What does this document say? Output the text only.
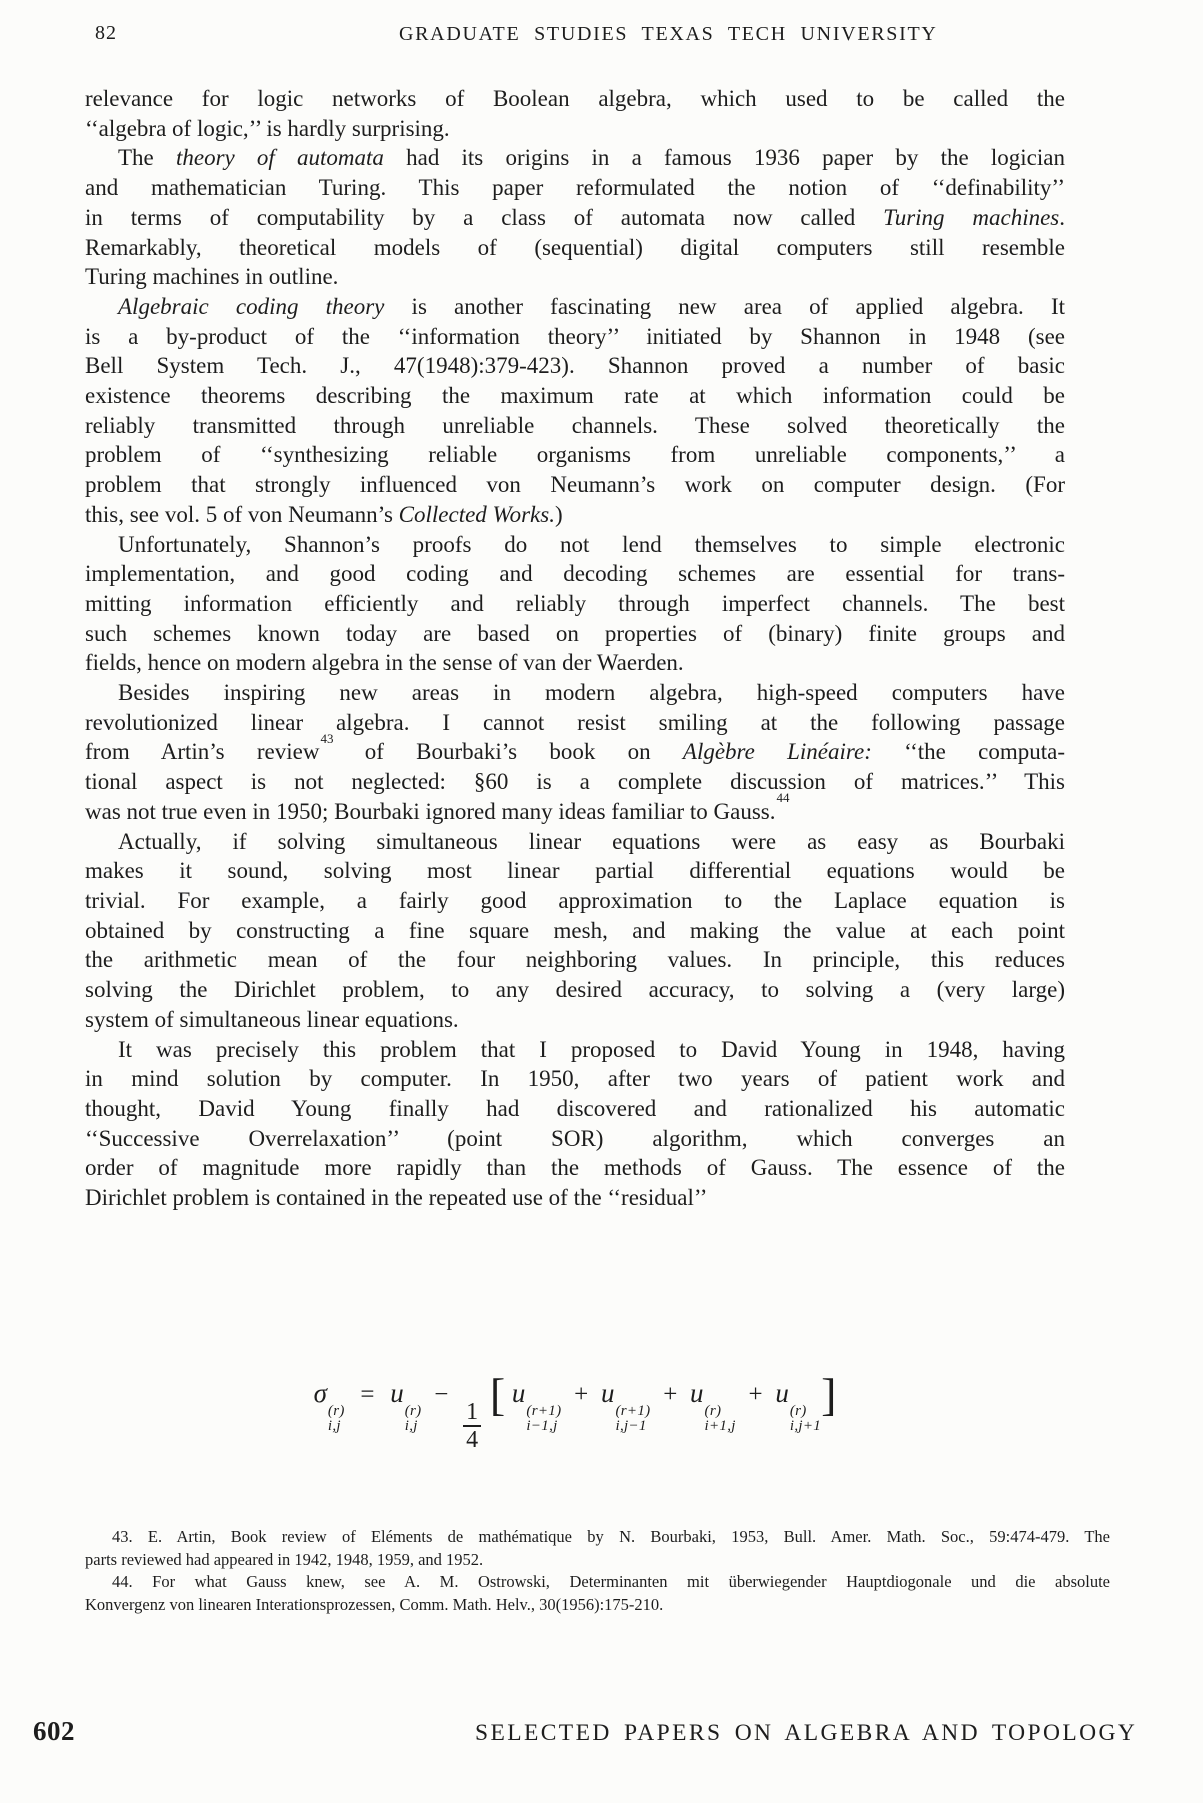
82	GRADUATE STUDIES TEXAS TECH UNIVERSITY
relevance for logic networks of Boolean algebra, which used to be called the
‘‘algebra of logic,’’ is hardly surprising.
The theory of automata had its origins in a famous 1936 paper by the logician
and mathematician Turing. This paper reformulated the notion of ‘‘definability’’
in terms of computability by a class of automata now called Turing machines.
Remarkably, theoretical models of (sequential) digital computers still resemble
Turing machines in outline.
Algebraic coding theory is another fascinating new area of applied algebra. It
is a by-product of the ‘‘information theory’’ initiated by Shannon in 1948 (see
Bell System Tech. J., 47(1948):379-423). Shannon proved a number of basic
existence theorems describing the maximum rate at which information could be
reliably transmitted through unreliable channels. These solved theoretically the
problem of ‘‘synthesizing reliable organisms from unreliable components,’’ a
problem that strongly influenced von Neumann’s work on computer design. (For
this, see vol. 5 of von Neumann’s Collected Works.)
Unfortunately, Shannon’s proofs do not lend themselves to simple electronic
implementation, and good coding and decoding schemes are essential for trans-
mitting information efficiently and reliably through imperfect channels. The best
such schemes known today are based on properties of (binary) finite groups and
fields, hence on modern algebra in the sense of van der Waerden.
Besides inspiring new areas in modern algebra, high-speed computers have
revolutionized linear algebra. I cannot resist smiling at the following passage
from Artin’s review$^{43}$ of Bourbaki’s book on Algèbre Linéaire: ‘‘the computa-
tional aspect is not neglected: §60 is a complete discussion of matrices.’’ This
was not true even in 1950; Bourbaki ignored many ideas familiar to Gauss.$^{44}$
Actually, if solving simultaneous linear equations were as easy as Bourbaki
makes it sound, solving most linear partial differential equations would be
trivial. For example, a fairly good approximation to the Laplace equation is
obtained by constructing a fine square mesh, and making the value at each point
the arithmetic mean of the four neighboring values. In principle, this reduces
solving the Dirichlet problem, to any desired accuracy, to solving a (very large)
system of simultaneous linear equations.
It was precisely this problem that I proposed to David Young in 1948, having
in mind solution by computer. In 1950, after two years of patient work and
thought, David Young finally had discovered and rationalized his automatic
‘‘Successive Overrelaxation’’ (point SOR) algorithm, which converges an
order of magnitude more rapidly than the methods of Gauss. The essence of the
Dirichlet problem is contained in the repeated use of the ‘‘residual’’
σ
(r)
i,j
= u
(r)
i,j
−
$\frac{1}{4}$
[ u
(r+1)
i−1,j
+ u
(r+1)
i,j−1
+ u
(r)
i+1,j
+ u
(r)
i,j+1
]
43. E. Artin, Book review of Eléments de mathématique by N. Bourbaki, 1953, Bull. Amer. Math. Soc., 59:474-479. The
parts reviewed had appeared in 1942, 1948, 1959, and 1952.
44. For what Gauss knew, see A. M. Ostrowski, Determinanten mit überwiegender Hauptdiogonale und die absolute
Konvergenz von linearen Interationsprozessen, Comm. Math. Helv., 30(1956):175-210.
602	SELECTED PAPERS ON ALGEBRA AND TOPOLOGY
